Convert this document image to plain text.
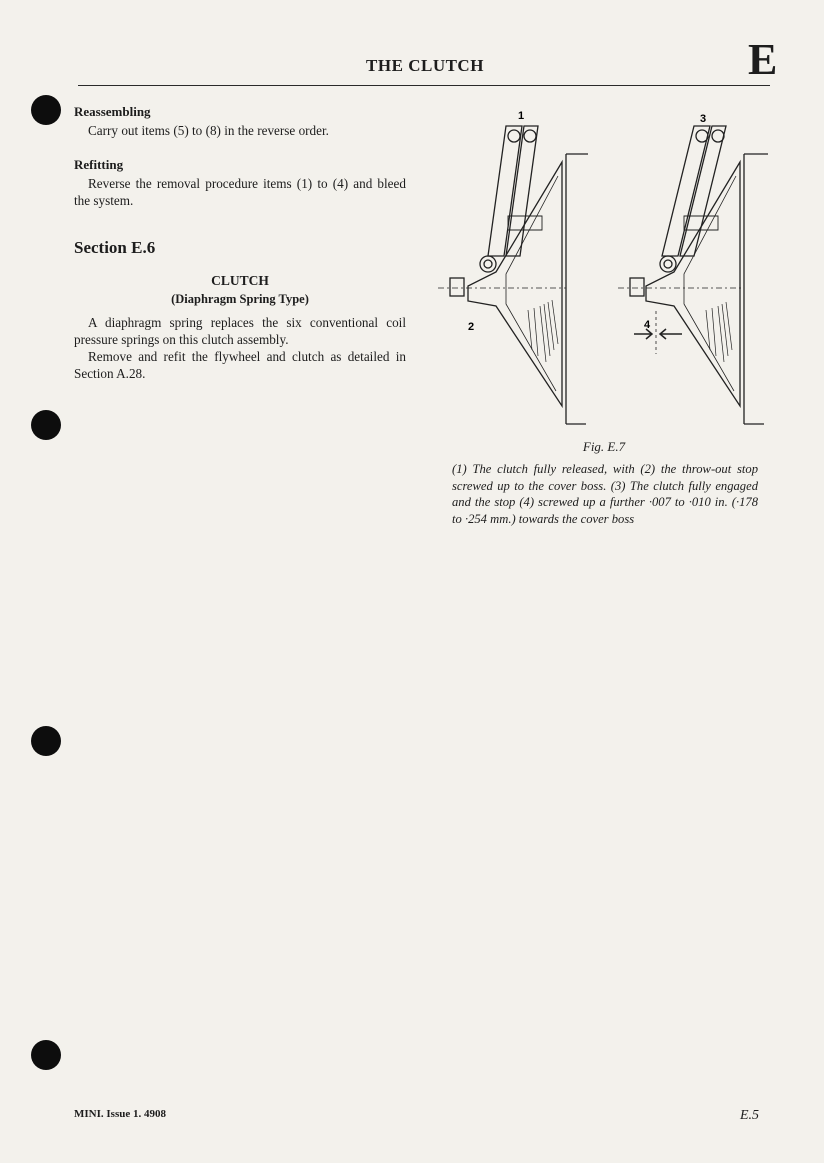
THE CLUTCH	E

Reassembling

Carry out items (5) to (8) in the reverse order.

Refitting

Reverse the removal procedure items (1) to (4) and bleed the system.

Section E.6

CLUTCH

(Diaphragm Spring Type)

A diaphragm spring replaces the six conventional coil pressure springs on this clutch assembly.

Remove and refit the flywheel and clutch as detailed in Section A.28.

1
2
3
4
Fig. E.7
(1) The clutch fully released, with (2) the throw-out stop screwed up to the cover boss. (3) The clutch fully engaged and the stop (4) screwed up a further ·007 to ·010 in. (·178 to ·254 mm.) towards the cover boss
MINI. Issue 1. 4908	E.5
